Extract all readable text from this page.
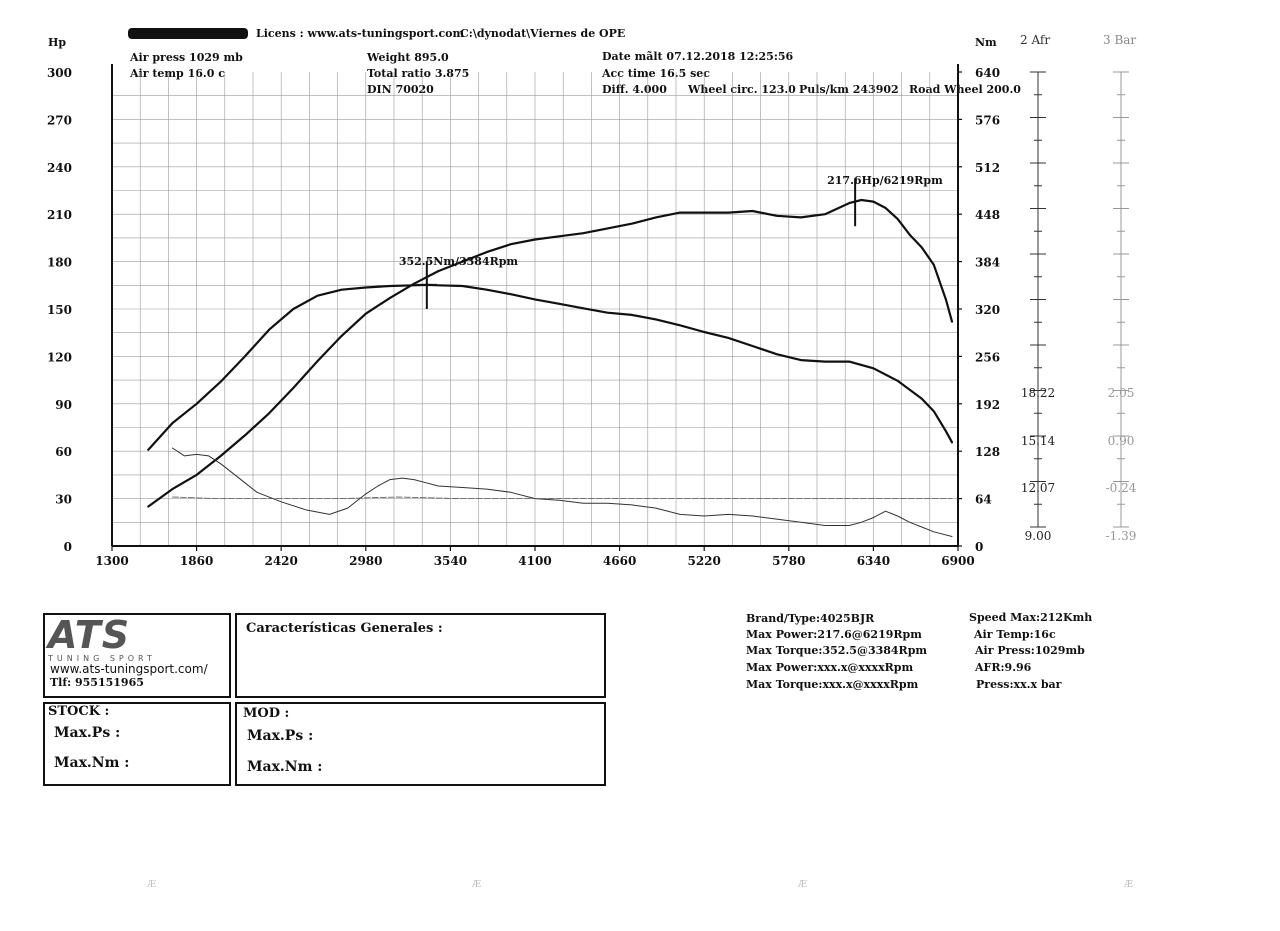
Licens : www.ats-tuningsport.com
C:\dynodat\Viernes de OPE
Hp	Nm 2 Afr	3 Bar
Air press 1029 mb
Air temp 16.0 c
Weight 895.0
Total ratio 3.875
DIN 70020
Date mãlt 07.12.2018 12:25:56
Acc time 16.5 sec
Diff. 4.000 Wheel circ. 123.0 Puls/km 243902 Road Wheel 200.0
1300	1860	2420	2980	3540	4100	4660	5220	5780	6340	6900
0
30
60
90
120
150
180
210
240
270
300
0
64
128
192
256
320
384
448
512
576
640
9.00
12.07
15.14
18.22
-1.39
-0.24
0.90
2.05
352.5Nm/3384Rpm
217.6Hp/6219Rpm
ATS
TUNING SPORT
www.ats-tuningsport.com/
Tlf: 955151965
Características Generales :
STOCK :
Max.Ps :
Max.Nm :
MOD :
Max.Ps :
Max.Nm :
Brand/Type:4025BJR
Max Power:217.6@6219Rpm
Max Torque:352.5@3384Rpm
Max Power:xxx.x@xxxxRpm
Max Torque:xxx.x@xxxxRpm
Speed Max:212Kmh
Air Temp:16c
Air Press:1029mb
AFR:9.96
Press:xx.x bar
Æ	Æ	Æ	Æ
